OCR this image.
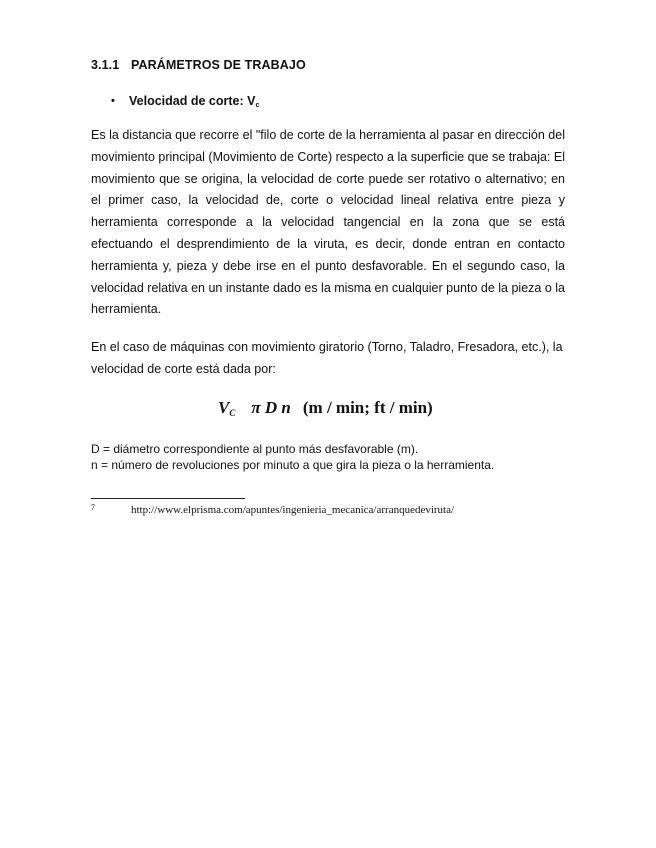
3.1.1 PARÁMETROS DE TRABAJO
• Velocidad de corte: $V_c$
Es la distancia que recorre el "filo de corte de la herramienta al pasar en dirección del movimiento principal (Movimiento de Corte) respecto a la superficie que se trabaja: El movimiento que se origina, la velocidad de corte puede ser rotativo o alternativo; en el primer caso, la velocidad de, corte o velocidad lineal relativa entre pieza y herramienta corresponde a la velocidad tangencial en la zona que se está efectuando el desprendimiento de la viruta, es decir, donde entran en contacto herramienta y, pieza y debe irse en el punto desfavorable. En el segundo caso, la velocidad relativa en un instante dado es la misma en cualquier punto de la pieza o la herramienta.
En el caso de máquinas con movimiento giratorio (Torno, Taladro, Fresadora, etc.), la velocidad de corte está dada por:
$V_C$ π D n (m / min; ft / min)
D = diámetro correspondiente al punto más desfavorable (m).
n = número de revoluciones por minuto a que gira la pieza o la herramienta.
7	http://www.elprisma.com/apuntes/ingenieria_mecanica/arranquedeviruta/
